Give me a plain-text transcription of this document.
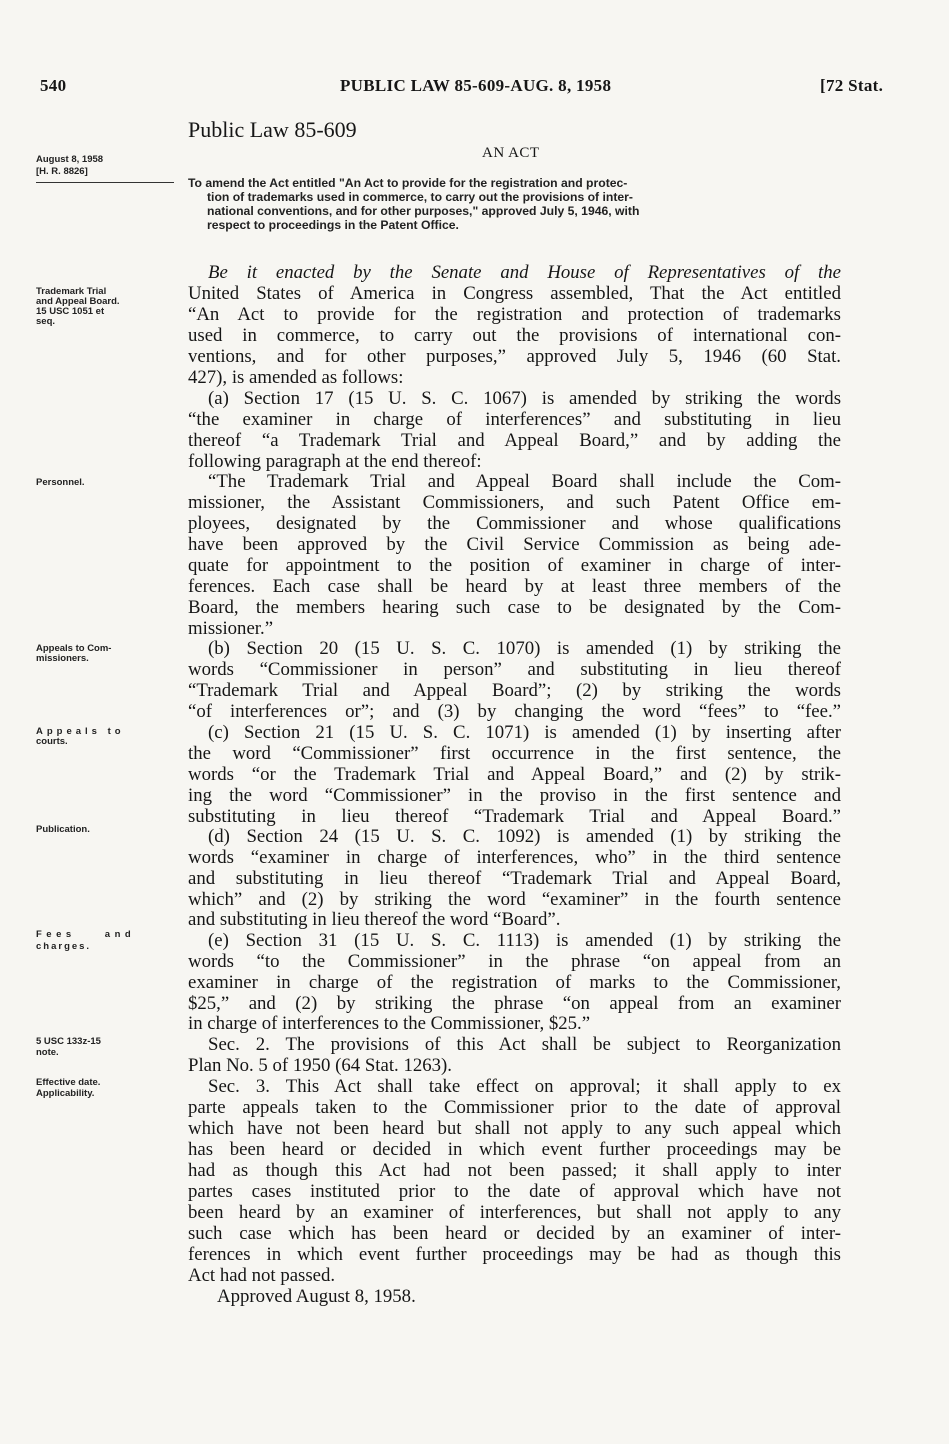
540	PUBLIC LAW 85-609-AUG. 8, 1958	[72 Stat.
Public Law 85-609
AN ACT
August 8, 1958
[H. R. 8826]
Trademark Trial
and Appeal Board.
15 USC 1051 et
seq.
Personnel.
Appeals to Com-
missioners.
Appeals to
courts.
Publication.
Fees and
charges.
5 USC 133z-15
note.
Effective date.
Applicability.
To amend the Act entitled "An Act to provide for the registration and protec-
tion of trademarks used in commerce, to carry out the provisions of inter-
national conventions, and for other purposes," approved July 5, 1946, with
respect to proceedings in the Patent Office.
Be it enacted by the Senate and House of Representatives of the
United States of America in Congress assembled, That the Act entitled
“An Act to provide for the registration and protection of trademarks
used in commerce, to carry out the provisions of international con-
ventions, and for other purposes,” approved July 5, 1946 (60 Stat.
427), is amended as follows:
(a) Section 17 (15 U. S. C. 1067) is amended by striking the words
“the examiner in charge of interferences” and substituting in lieu
thereof “a Trademark Trial and Appeal Board,” and by adding the
following paragraph at the end thereof:
“The Trademark Trial and Appeal Board shall include the Com-
missioner, the Assistant Commissioners, and such Patent Office em-
ployees, designated by the Commissioner and whose qualifications
have been approved by the Civil Service Commission as being ade-
quate for appointment to the position of examiner in charge of inter-
ferences. Each case shall be heard by at least three members of the
Board, the members hearing such case to be designated by the Com-
missioner.”
(b) Section 20 (15 U. S. C. 1070) is amended (1) by striking the
words “Commissioner in person” and substituting in lieu thereof
“Trademark Trial and Appeal Board”; (2) by striking the words
“of interferences or”; and (3) by changing the word “fees” to “fee.”
(c) Section 21 (15 U. S. C. 1071) is amended (1) by inserting after
the word “Commissioner” first occurrence in the first sentence, the
words “or the Trademark Trial and Appeal Board,” and (2) by strik-
ing the word “Commissioner” in the proviso in the first sentence and
substituting in lieu thereof “Trademark Trial and Appeal Board.”
(d) Section 24 (15 U. S. C. 1092) is amended (1) by striking the
words “examiner in charge of interferences, who” in the third sentence
and substituting in lieu thereof “Trademark Trial and Appeal Board,
which” and (2) by striking the word “examiner” in the fourth sentence
and substituting in lieu thereof the word “Board”.
(e) Section 31 (15 U. S. C. 1113) is amended (1) by striking the
words “to the Commissioner” in the phrase “on appeal from an
examiner in charge of the registration of marks to the Commissioner,
$25,” and (2) by striking the phrase “on appeal from an examiner
in charge of interferences to the Commissioner, $25.”
Sec. 2. The provisions of this Act shall be subject to Reorganization
Plan No. 5 of 1950 (64 Stat. 1263).
Sec. 3. This Act shall take effect on approval; it shall apply to ex
parte appeals taken to the Commissioner prior to the date of approval
which have not been heard but shall not apply to any such appeal which
has been heard or decided in which event further proceedings may be
had as though this Act had not been passed; it shall apply to inter
partes cases instituted prior to the date of approval which have not
been heard by an examiner of interferences, but shall not apply to any
such case which has been heard or decided by an examiner of inter-
ferences in which event further proceedings may be had as though this
Act had not passed.
Approved August 8, 1958.
